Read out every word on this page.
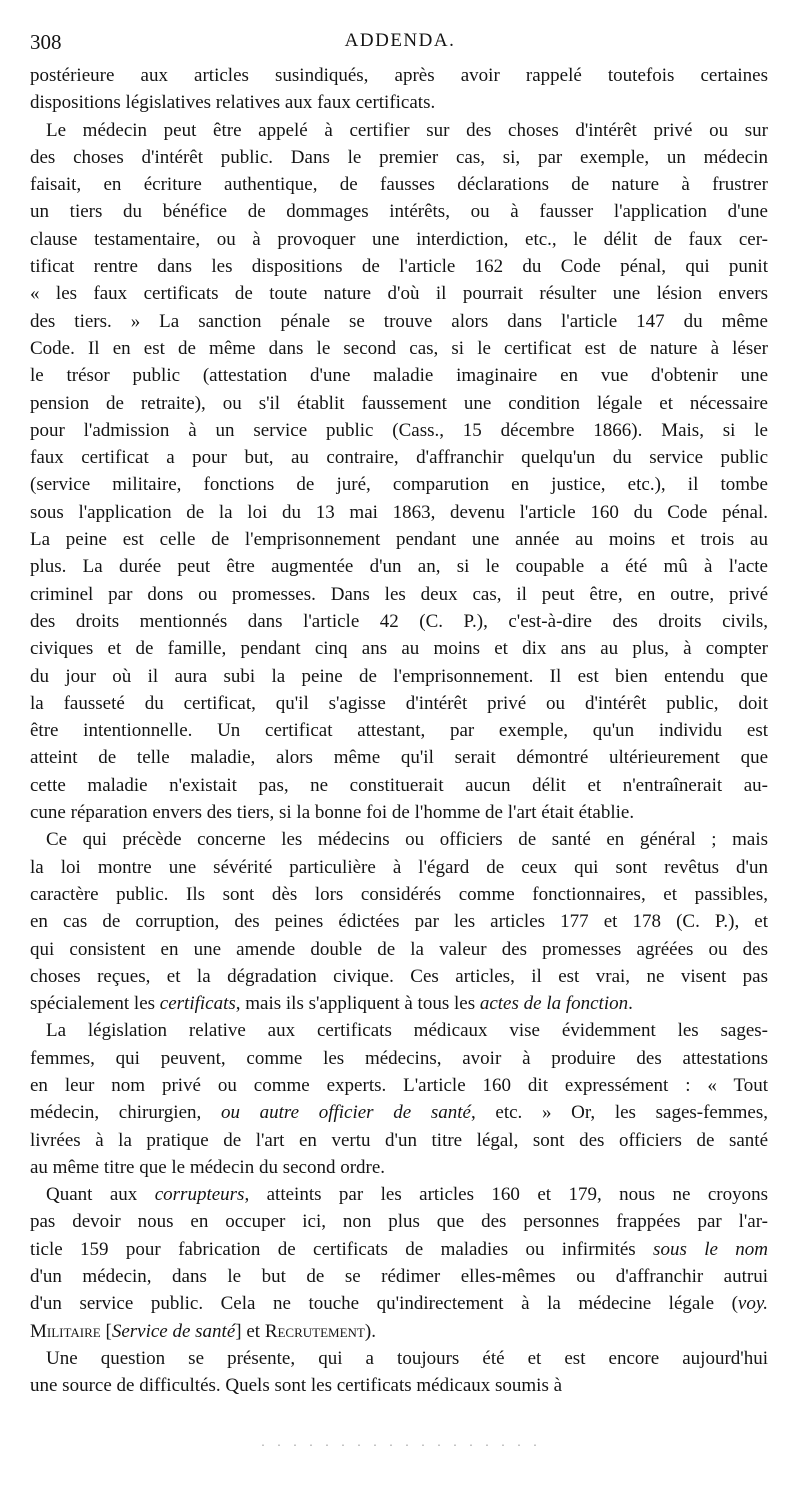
308	ADDENDA.
postérieure aux articles susindiqués, après avoir rappelé toutefois certaines
dispositions législatives relatives aux faux certificats.
Le médecin peut être appelé à certifier sur des choses d'intérêt privé ou sur
des choses d'intérêt public. Dans le premier cas, si, par exemple, un médecin
faisait, en écriture authentique, de fausses déclarations de nature à frustrer
un tiers du bénéfice de dommages intérêts, ou à fausser l'application d'une
clause testamentaire, ou à provoquer une interdiction, etc., le délit de faux cer-
tificat rentre dans les dispositions de l'article 162 du Code pénal, qui punit
« les faux certificats de toute nature d'où il pourrait résulter une lésion envers
des tiers. » La sanction pénale se trouve alors dans l'article 147 du même
Code. Il en est de même dans le second cas, si le certificat est de nature à léser
le trésor public (attestation d'une maladie imaginaire en vue d'obtenir une
pension de retraite), ou s'il établit faussement une condition légale et nécessaire
pour l'admission à un service public (Cass., 15 décembre 1866). Mais, si le
faux certificat a pour but, au contraire, d'affranchir quelqu'un du service public
(service militaire, fonctions de juré, comparution en justice, etc.), il tombe
sous l'application de la loi du 13 mai 1863, devenu l'article 160 du Code pénal.
La peine est celle de l'emprisonnement pendant une année au moins et trois au
plus. La durée peut être augmentée d'un an, si le coupable a été mû à l'acte
criminel par dons ou promesses. Dans les deux cas, il peut être, en outre, privé
des droits mentionnés dans l'article 42 (C. P.), c'est-à-dire des droits civils,
civiques et de famille, pendant cinq ans au moins et dix ans au plus, à compter
du jour où il aura subi la peine de l'emprisonnement. Il est bien entendu que
la fausseté du certificat, qu'il s'agisse d'intérêt privé ou d'intérêt public, doit
être intentionnelle. Un certificat attestant, par exemple, qu'un individu est
atteint de telle maladie, alors même qu'il serait démontré ultérieurement que
cette maladie n'existait pas, ne constituerait aucun délit et n'entraînerait au-
cune réparation envers des tiers, si la bonne foi de l'homme de l'art était établie.
Ce qui précède concerne les médecins ou officiers de santé en général ; mais
la loi montre une sévérité particulière à l'égard de ceux qui sont revêtus d'un
caractère public. Ils sont dès lors considérés comme fonctionnaires, et passibles,
en cas de corruption, des peines édictées par les articles 177 et 178 (C. P.), et
qui consistent en une amende double de la valeur des promesses agréées ou des
choses reçues, et la dégradation civique. Ces articles, il est vrai, ne visent pas
spécialement les certificats, mais ils s'appliquent à tous les actes de la fonction.
La législation relative aux certificats médicaux vise évidemment les sages-
femmes, qui peuvent, comme les médecins, avoir à produire des attestations
en leur nom privé ou comme experts. L'article 160 dit expressément : « Tout
médecin, chirurgien, ou autre officier de santé, etc. » Or, les sages-femmes,
livrées à la pratique de l'art en vertu d'un titre légal, sont des officiers de santé
au même titre que le médecin du second ordre.
Quant aux corrupteurs, atteints par les articles 160 et 179, nous ne croyons
pas devoir nous en occuper ici, non plus que des personnes frappées par l'ar-
ticle 159 pour fabrication de certificats de maladies ou infirmités sous le nom
d'un médecin, dans le but de se rédimer elles-mêmes ou d'affranchir autrui
d'un service public. Cela ne touche qu'indirectement à la médecine légale (voy.
Militaire [Service de santé] et Recrutement).
Une question se présente, qui a toujours été et est encore aujourd'hui
une source de difficultés. Quels sont les certificats médicaux soumis à
· · · · · · · · · · · · · · · · · ·
